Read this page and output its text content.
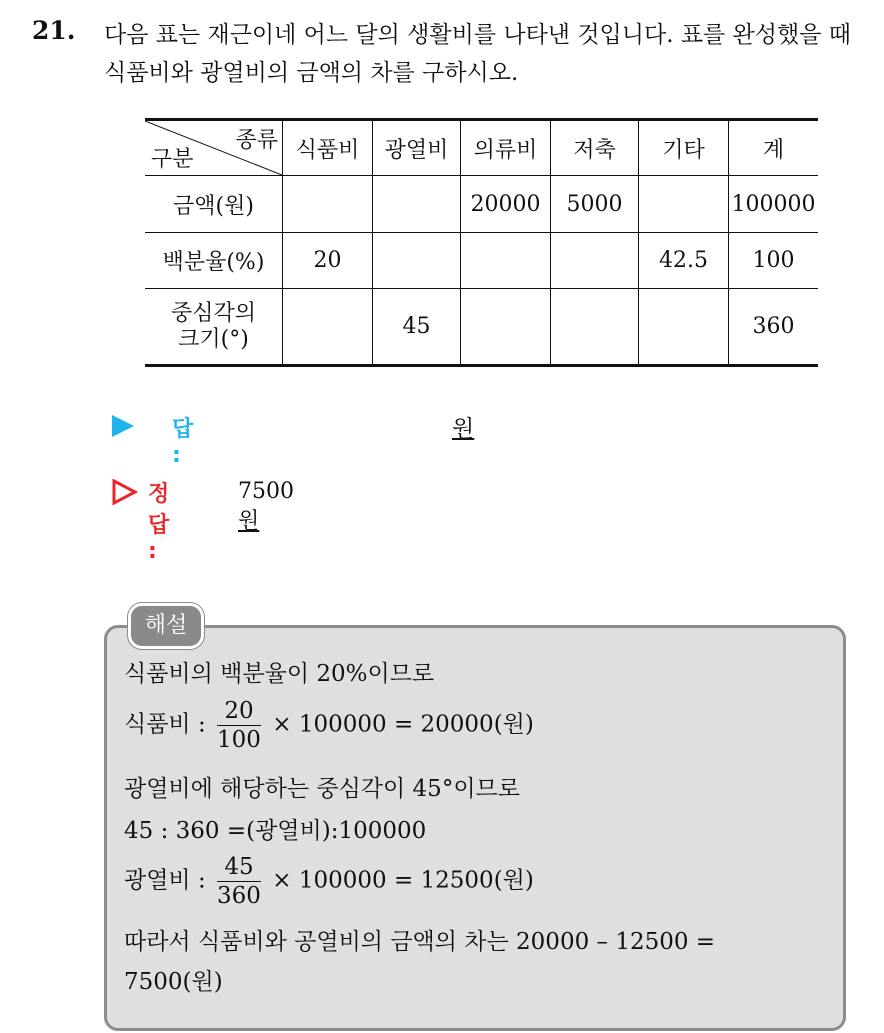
21. 다음 표는 재근이네 어느 달의 생활비를 나타낸 것입니다. 표를 완성했을 때 식품비와 광열비의 금액의 차를 구하시오.
종류
구분	식품비	광열비	의류비	저축	기타	계
금액(원)			20000	5000		100000
백분율(%)	20				42.5	100

중심각의
크기(°)		45				360
답 :
원
정답 :
7500원
해설
식품비의 백분율이 20%이므로
식품비 : $\frac{20}{100} \times 100000 = 20000$(원)
광열비에 해당하는 중심각이 45°이므로
45 : 360 =(광열비):100000
광열비 : $\frac{45}{360} \times 100000 = 12500$(원)
따라서 식품비와 공열비의 금액의 차는 20000 – 12500 =
7500(원)
